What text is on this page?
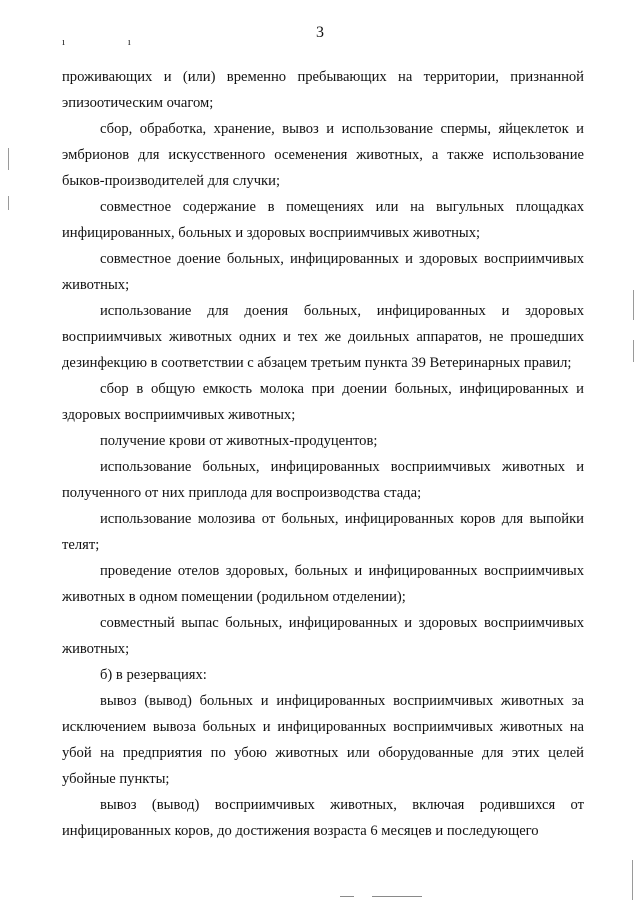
3
ı ı

проживающих и (или) временно пребывающих на территории, признанной эпизоотическим очагом;

сбор, обработка, хранение, вывоз и использование спермы, яйцеклеток и эмбрионов для искусственного осеменения животных, а также использование быков-производителей для случки;

совместное содержание в помещениях или на выгульных площадках инфицированных, больных и здоровых восприимчивых животных;

совместное доение больных, инфицированных и здоровых восприимчивых животных;

использование для доения больных, инфицированных и здоровых восприимчивых животных одних и тех же доильных аппаратов, не прошедших дезинфекцию в соответствии с абзацем третьим пункта 39 Ветеринарных правил;

сбор в общую емкость молока при доении больных, инфицированных и здоровых восприимчивых животных;

получение крови от животных-продуцентов;

использование больных, инфицированных восприимчивых животных и полученного от них приплода для воспроизводства стада;

использование молозива от больных, инфицированных коров для выпойки телят;

проведение отелов здоровых, больных и инфицированных восприимчивых животных в одном помещении (родильном отделении);

совместный выпас больных, инфицированных и здоровых восприимчивых животных;

б) в резервациях:

вывоз (вывод) больных и инфицированных восприимчивых животных за исключением вывоза больных и инфицированных восприимчивых животных на убой на предприятия по убою животных или оборудованные для этих целей убойные пункты;

вывоз (вывод) восприимчивых животных, включая родившихся от инфицированных коров, до достижения возраста 6 месяцев и последующего
